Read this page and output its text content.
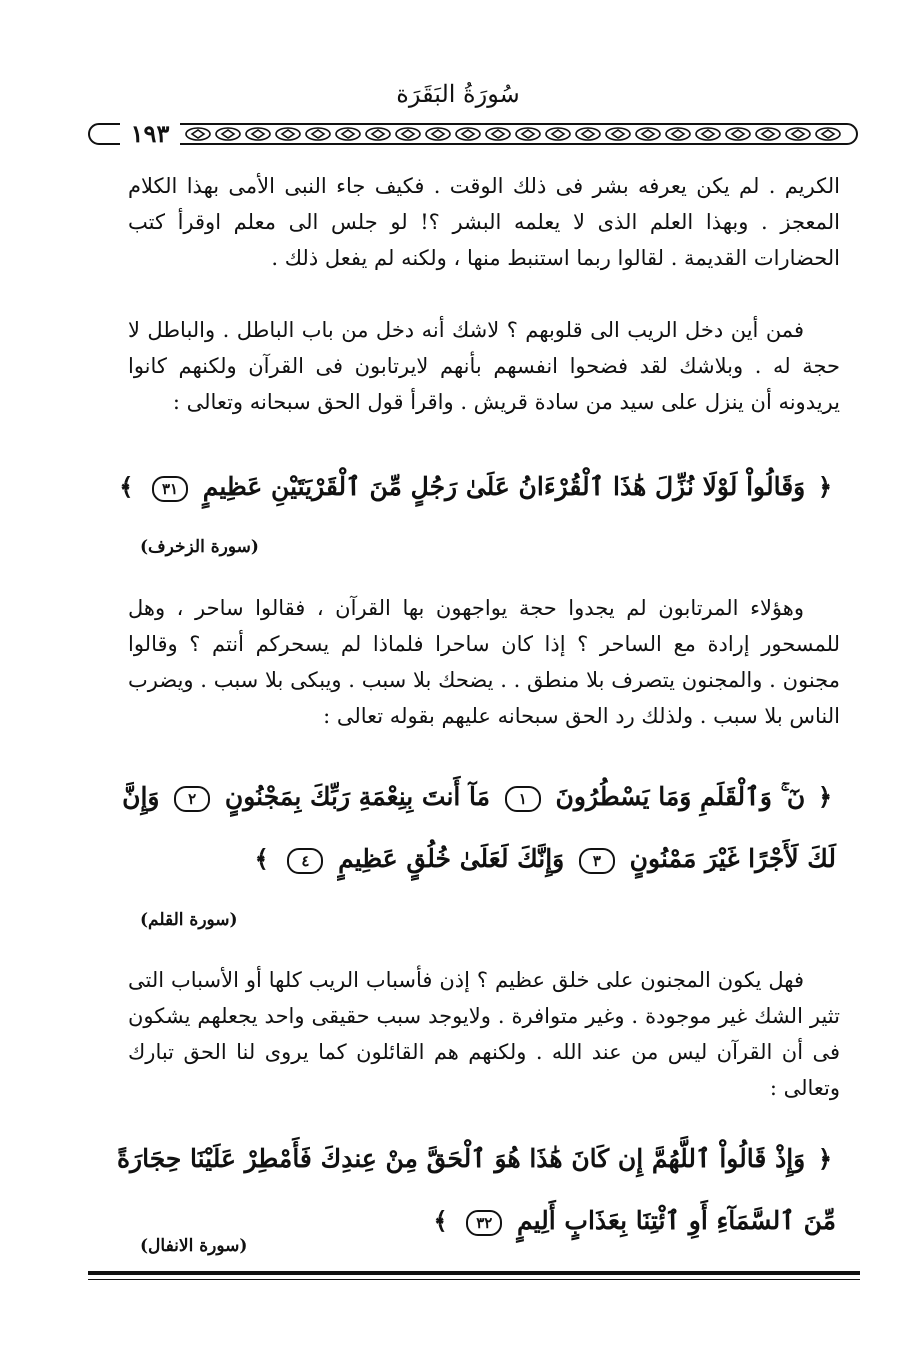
سُورَةُ البَقَرَة
١٩٣

الكريم . لم يكن يعرفه بشر فى ذلك الوقت . فكيف جاء النبى الأمى بهذا الكلام المعجز . وبهذا العلم الذى لا يعلمه البشر ؟! لو جلس الى معلم اوقرأ كتب الحضارات القديمة . لقالوا ربما استنبط منها ، ولكنه لم يفعل ذلك .

فمن أين دخل الريب الى قلوبهم ؟ لاشك أنه دخل من باب الباطل . والباطل لا حجة له . وبلاشك لقد فضحوا انفسهم بأنهم لايرتابون فى القرآن ولكنهم كانوا يريدونه أن ينزل على سيد من سادة قريش . واقرأ قول الحق سبحانه وتعالى :

﴿ وَقَالُواْ لَوْلَا نُزِّلَ هَٰذَا ٱلْقُرْءَانُ عَلَىٰ رَجُلٍ مِّنَ ٱلْقَرْيَتَيْنِ عَظِيمٍ ٣١ ﴾
(سورة الزخرف)

وهؤلاء المرتابون لم يجدوا حجة يواجهون بها القرآن ، فقالوا ساحر ، وهل للمسحور إرادة مع الساحر ؟ إذا كان ساحرا فلماذا لم يسحركم أنتم ؟ وقالوا مجنون . والمجنون يتصرف بلا منطق . . يضحك بلا سبب . ويبكى بلا سبب . ويضرب الناس بلا سبب . ولذلك رد الحق سبحانه عليهم بقوله تعالى :

﴿ نٓ ۚ وَٱلْقَلَمِ وَمَا يَسْطُرُونَ ١ مَآ أَنتَ بِنِعْمَةِ رَبِّكَ بِمَجْنُونٍ ٢ وَإِنَّ لَكَ لَأَجْرًا غَيْرَ مَمْنُونٍ ٣ وَإِنَّكَ لَعَلَىٰ خُلُقٍ عَظِيمٍ ٤ ﴾
(سورة القلم)

فهل يكون المجنون على خلق عظيم ؟ إذن فأسباب الريب كلها أو الأسباب التى تثير الشك غير موجودة . وغير متوافرة . ولايوجد سبب حقيقى واحد يجعلهم يشكون فى أن القرآن ليس من عند الله . ولكنهم هم القائلون كما يروى لنا الحق تبارك وتعالى :

﴿ وَإِذْ قَالُواْ ٱللَّهُمَّ إِن كَانَ هَٰذَا هُوَ ٱلْحَقَّ مِنْ عِندِكَ فَأَمْطِرْ عَلَيْنَا حِجَارَةً مِّنَ ٱلسَّمَآءِ أَوِ ٱئْتِنَا بِعَذَابٍ أَلِيمٍ ٣٢ ﴾
(سورة الانفال)
